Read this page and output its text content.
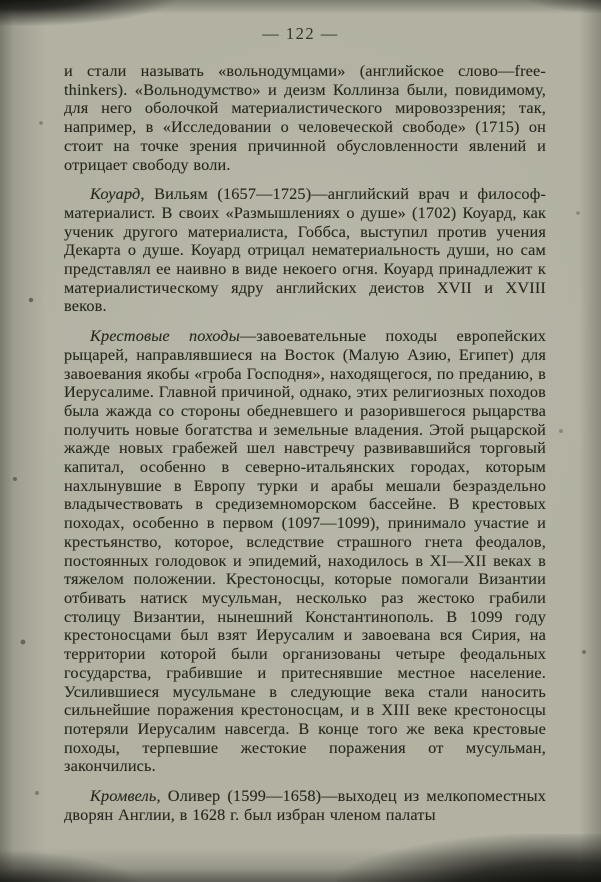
— 122 —

и стали называть «вольнодумцами» (английское слово—free-thinkers). «Вольнодумство» и деизм Коллинза были, повидимому, для него оболочкой материалистического мировоззрения; так, например, в «Исследовании о человеческой свободе» (1715) он стоит на точке зрения причинной обусловленности явлений и отрицает свободу воли.

Коуард, Вильям (1657—1725)—английский врач и философ-материалист. В своих «Размышлениях о душе» (1702) Коуард, как ученик другого материалиста, Гоббса, выступил против учения Декарта о душе. Коуард отрицал нематериальность души, но сам представлял ее наивно в виде некоего огня. Коуард принадлежит к материалистическому ядру английских деистов XVII и XVIII веков.

Крестовые походы—завоевательные походы европейских рыцарей, направлявшиеся на Восток (Малую Азию, Египет) для завоевания якобы «гроба Господня», находящегося, по преданию, в Иерусалиме. Главной причиной, однако, этих религиозных походов была жажда со стороны обедневшего и разорившегося рыцарства получить новые богатства и земельные владения. Этой рыцарской жажде новых грабежей шел навстречу развивавшийся торговый капитал, особенно в северно-итальянских городах, которым нахлынувшие в Европу турки и арабы мешали безраздельно владычествовать в средиземноморском бассейне. В крестовых походах, особенно в первом (1097—1099), принимало участие и крестьянство, которое, вследствие страшного гнета феодалов, постоянных голодовок и эпидемий, находилось в XI—XII веках в тяжелом положении. Крестоносцы, которые помогали Византии отбивать натиск мусульман, несколько раз жестоко грабили столицу Византии, нынешний Константинополь. В 1099 году крестоносцами был взят Иерусалим и завоевана вся Сирия, на территории которой были организованы четыре феодальных государства, грабившие и притеснявшие местное население. Усилившиеся мусульмане в следующие века стали наносить сильнейшие поражения крестоносцам, и в XIII веке крестоносцы потеряли Иерусалим навсегда. В конце того же века крестовые походы, терпевшие жестокие поражения от мусульман, закончились.

Кромвель, Оливер (1599—1658)—выходец из мелкопоместных дворян Англии, в 1628 г. был избран членом палаты
